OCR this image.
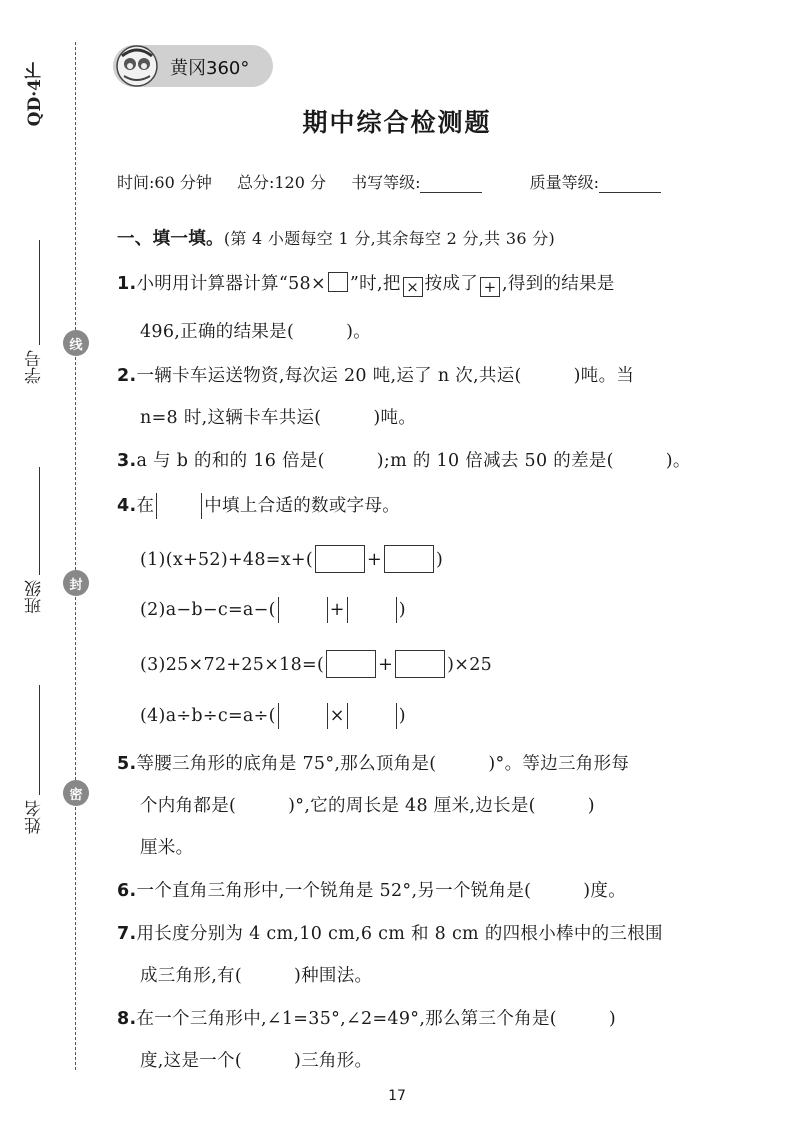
QD·4下
学号
线
班级	封
姓名
密
黄冈360°
期中综合检测题
时间:60 分钟 总分:120 分 书写等级:	质量等级:
一、填一填。(第 4 小题每空 1 分,其余每空 2 分,共 36 分)
1.小明用计算器计算“58× ”时,把 × 按成了 + ,得到的结果是
496,正确的结果是(	)。
2.一辆卡车运送物资,每次运 20 吨,运了 n 次,共运(	)吨。当
n=8 时,这辆卡车共运(	)吨。
3.a 与 b 的和的 16 倍是(	);m 的 10 倍减去 50 的差是(	)。
4.在	中填上合适的数或字母。
(1)(x+52)+48=x+(	+	)
(2)a−b−c=a−(	+	)
(3)25×72+25×18=(	+	)×25
(4)a÷b÷c=a÷(	×	)
5.等腰三角形的底角是 75°,那么顶角是(	)°。等边三角形每
个内角都是(	)°,它的周长是 48 厘米,边长是(	)
厘米。
6.一个直角三角形中,一个锐角是 52°,另一个锐角是(	)度。
7.用长度分别为 4 cm,10 cm,6 cm 和 8 cm 的四根小棒中的三根围
成三角形,有(	)种围法。
8.在一个三角形中,∠1=35°,∠2=49°,那么第三个角是(	)
度,这是一个(	)三角形。
17
